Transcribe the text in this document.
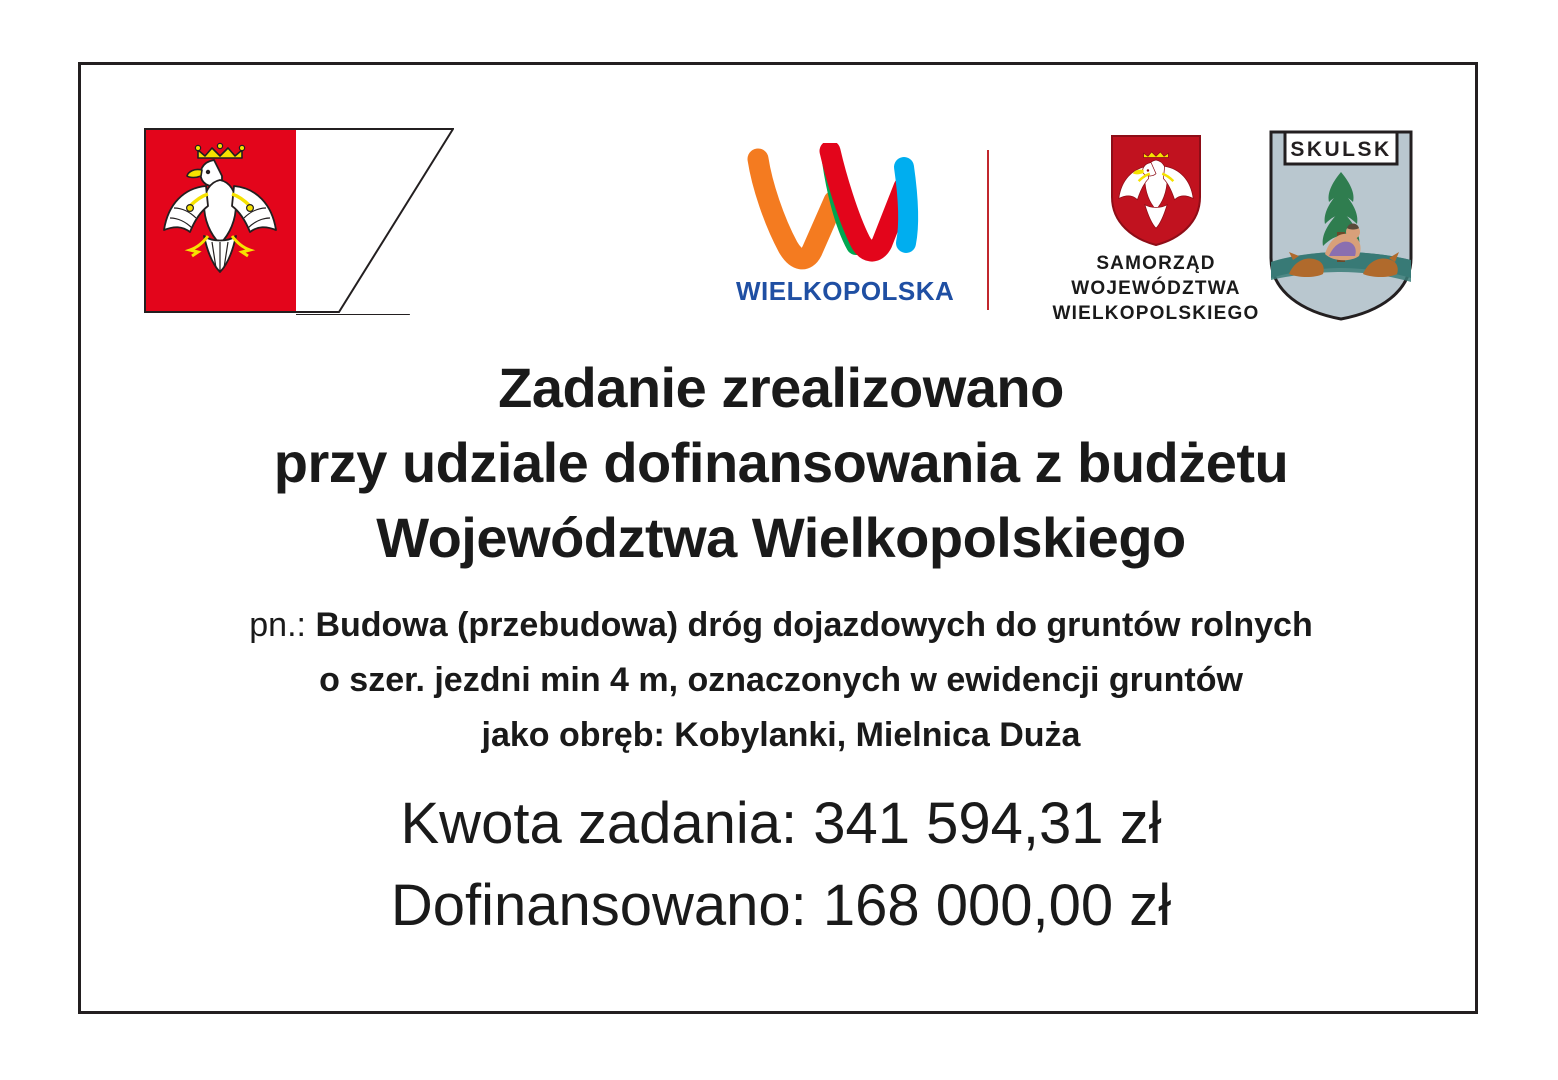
WIELKOPOLSKA
SAMORZĄD
WOJEWÓDZTWA
WIELKOPOLSKIEGO
SKULSK
Zadanie zrealizowano
przy udziale dofinansowania z budżetu
Województwa Wielkopolskiego
pn.: Budowa (przebudowa) dróg dojazdowych do gruntów rolnych
o szer. jezdni min 4 m, oznaczonych w ewidencji gruntów
jako obręb: Kobylanki, Mielnica Duża
Kwota zadania: 341 594,31 zł
Dofinansowano: 168 000,00 zł
